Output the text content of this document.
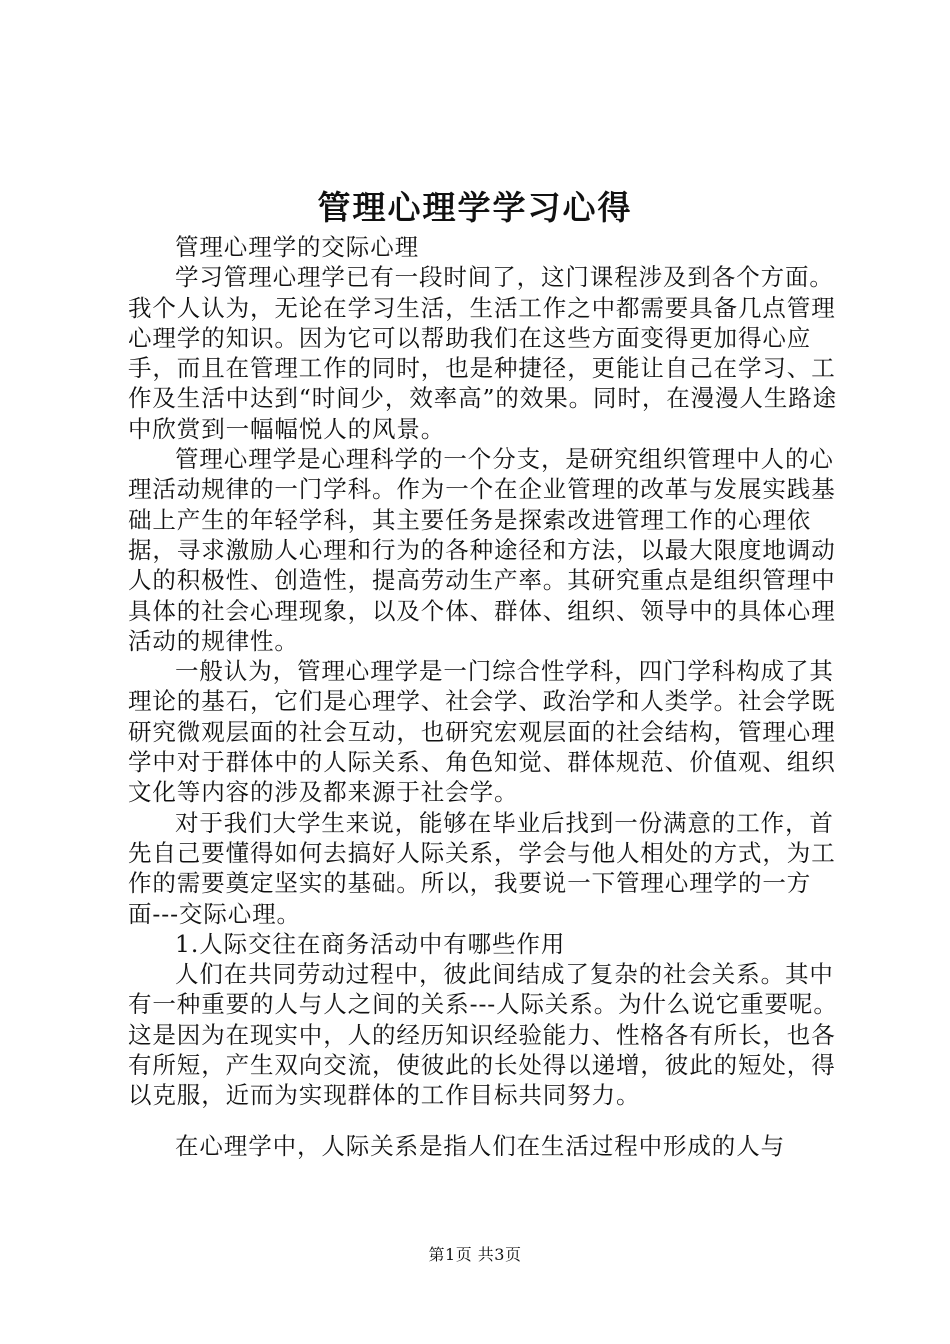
管理心理学学习心得

管理心理学的交际心理

学习管理心理学已有一段时间了，这门课程涉及到各个方面。我个人认为，无论在学习生活，生活工作之中都需要具备几点管理心理学的知识。因为它可以帮助我们在这些方面变得更加得心应手，而且在管理工作的同时，也是种捷径，更能让自己在学习、工作及生活中达到“时间少，效率高”的效果。同时，在漫漫人生路途中欣赏到一幅幅悦人的风景。

管理心理学是心理科学的一个分支，是研究组织管理中人的心理活动规律的一门学科。作为一个在企业管理的改革与发展实践基础上产生的年轻学科，其主要任务是探索改进管理工作的心理依据，寻求激励人心理和行为的各种途径和方法，以最大限度地调动人的积极性、创造性，提高劳动生产率。其研究重点是组织管理中具体的社会心理现象，以及个体、群体、组织、领导中的具体心理活动的规律性。

一般认为，管理心理学是一门综合性学科，四门学科构成了其理论的基石，它们是心理学、社会学、政治学和人类学。社会学既研究微观层面的社会互动，也研究宏观层面的社会结构，管理心理学中对于群体中的人际关系、角色知觉、群体规范、价值观、组织文化等内容的涉及都来源于社会学。

对于我们大学生来说，能够在毕业后找到一份满意的工作，首先自己要懂得如何去搞好人际关系，学会与他人相处的方式，为工作的需要奠定坚实的基础。所以，我要说一下管理心理学的一方面---交际心理。

1.人际交往在商务活动中有哪些作用

人们在共同劳动过程中，彼此间结成了复杂的社会关系。其中有一种重要的人与人之间的关系---人际关系。为什么说它重要呢。这是因为在现实中，人的经历知识经验能力、性格各有所长，也各有所短，产生双向交流，使彼此的长处得以递增，彼此的短处，得以克服，近而为实现群体的工作目标共同努力。

在心理学中，人际关系是指人们在生活过程中形成的人与

第1页 共3页
